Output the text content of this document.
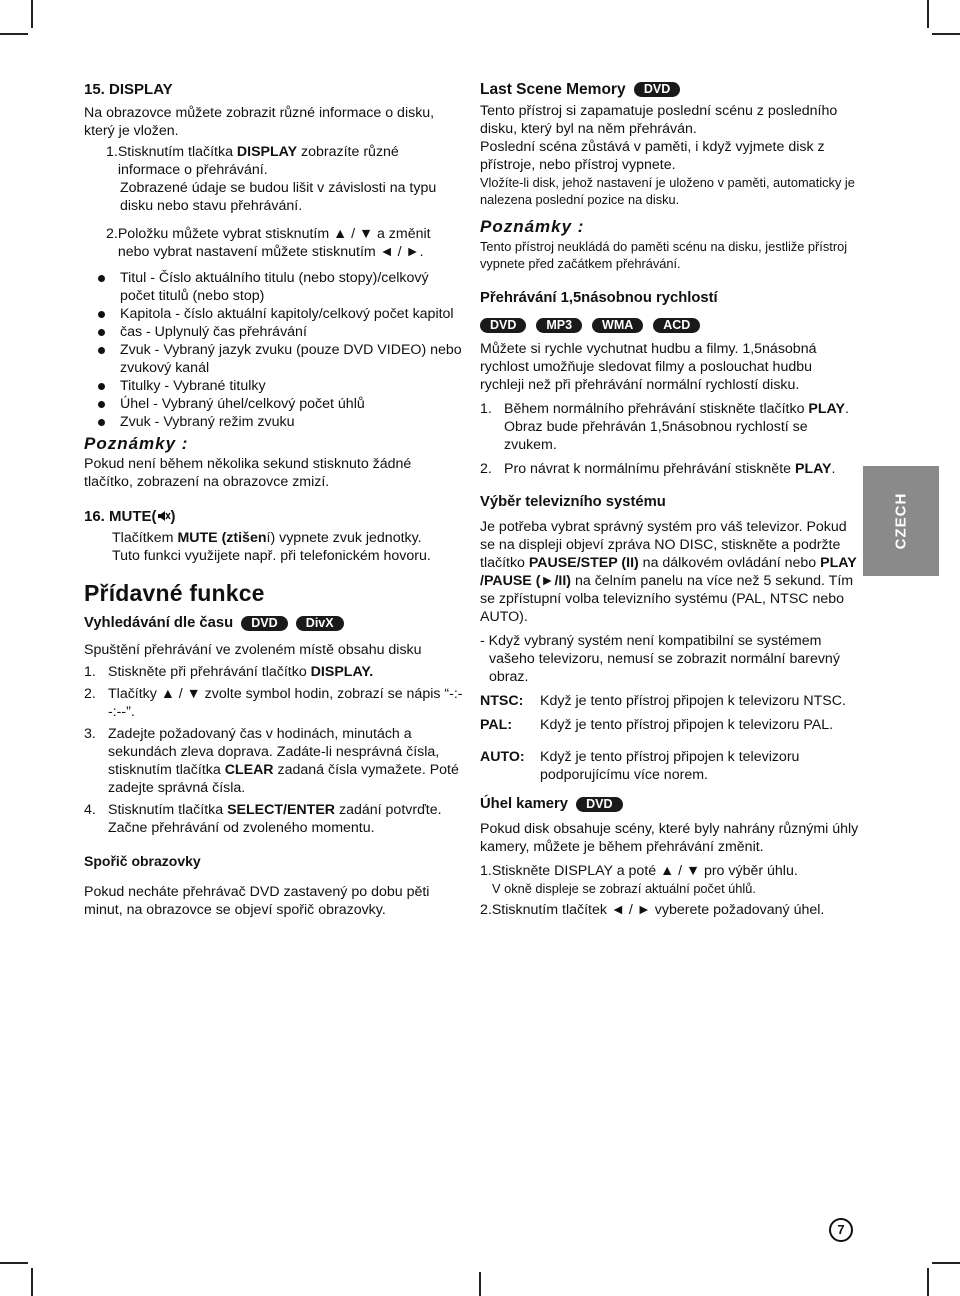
15. DISPLAY

Na obrazovce můžete zobrazit různé informace o disku, který je vložen.

1. Stisknutím tlačítka DISPLAY zobrazíte různé informace o přehrávání.

Zobrazené údaje se budou lišit v závislosti na typu disku nebo stavu přehrávání.

2. Položku můžete vybrat stisknutím ▲ / ▼ a změnit nebo vybrat nastavení můžete stisknutím ◄ / ►.
Titul - Číslo aktuálního titulu (nebo stopy)/celkový počet titulů (nebo stop)
Kapitola - číslo aktuální kapitoly/celkový počet kapitol
čas - Uplynulý čas přehrávání
Zvuk - Vybraný jazyk zvuku (pouze DVD VIDEO) nebo zvukový kanál
Titulky - Vybrané titulky
Úhel - Vybraný úhel/celkový počet úhlů
Zvuk - Vybraný režim zvuku
Poznámky :

Pokud není během několika sekund stisknuto žádné tlačítko, zobrazení na obrazovce zmizí.

16. MUTE( )

Tlačítkem MUTE (ztišení) vypnete zvuk jednotky.

Tuto funkci využijete např. při telefonickém hovoru.

Přídavné funkce
Vyhledávání dle času DVD DivX

Spuštění přehrávání ve zvoleném místě obsahu disku

1. Stiskněte při přehrávání tlačítko DISPLAY.
2. Tlačítky ▲ / ▼ zvolte symbol hodin, zobrazí se nápis “-:--:--”.
3. Zadejte požadovaný čas v hodinách, minutách a sekundách zleva doprava. Zadáte-li nesprávná čísla, stisknutím tlačítka CLEAR zadaná čísla vymažete. Poté zadejte správná čísla.
4. Stisknutím tlačítka SELECT/ENTER zadání potvrďte. Začne přehrávání od zvoleného momentu.
Spořič obrazovky

Pokud necháte přehrávač DVD zastavený po dobu pěti minut, na obrazovce se objeví spořič obrazovky.

Last Scene Memory DVD

Tento přístroj si zapamatuje poslední scénu z posledního disku, který byl na něm přehráván.

Poslední scéna zůstává v paměti, i když vyjmete disk z přístroje, nebo přístroj vypnete.

Vložíte-li disk, jehož nastavení je uloženo v paměti, automaticky je nalezena poslední pozice na disku.

Poznámky :

Tento přístroj neukládá do paměti scénu na disku, jestliže přístroj vypnete před začátkem přehrávání.

Přehrávání 1,5násobnou rychlostí
DVD MP3 WMA ACD

Můžete si rychle vychutnat hudbu a filmy. 1,5násobná rychlost umožňuje sledovat filmy a poslouchat hudbu rychleji než při přehrávání normální rychlostí disku.

1. Během normálního přehrávání stiskněte tlačítko PLAY. Obraz bude přehráván 1,5násobnou rychlostí se zvukem.
2. Pro návrat k normálnímu přehrávání stiskněte PLAY.
Výběr televizního systému

Je potřeba vybrat správný systém pro váš televizor. Pokud se na displeji objeví zpráva NO DISC, stiskněte a podržte tlačítko PAUSE/STEP (II) na dálkovém ovládání nebo PLAY /PAUSE (►/II) na čelním panelu na více než 5 sekund. Tím se zpřístupní volba televizního systému (PAL, NTSC nebo AUTO).

- Když vybraný systém není kompatibilní se systémem vašeho televizoru, nemusí se zobrazit normální barevný obraz.

NTSC:	Když je tento přístroj připojen k televizoru NTSC.
PAL:	Když je tento přístroj připojen k televizoru PAL.
AUTO:	Když je tento přístroj připojen k televizoru podporujícímu více norem.
Úhel kamery DVD

Pokud disk obsahuje scény, které byly nahrány různými úhly kamery, můžete je během přehrávání změnit.

1. Stiskněte DISPLAY a poté ▲ / ▼ pro výběr úhlu.

V okně displeje se zobrazí aktuální počet úhlů.

2. Stisknutím tlačítek ◄ / ► vyberete požadovaný úhel.
CZECH
7
